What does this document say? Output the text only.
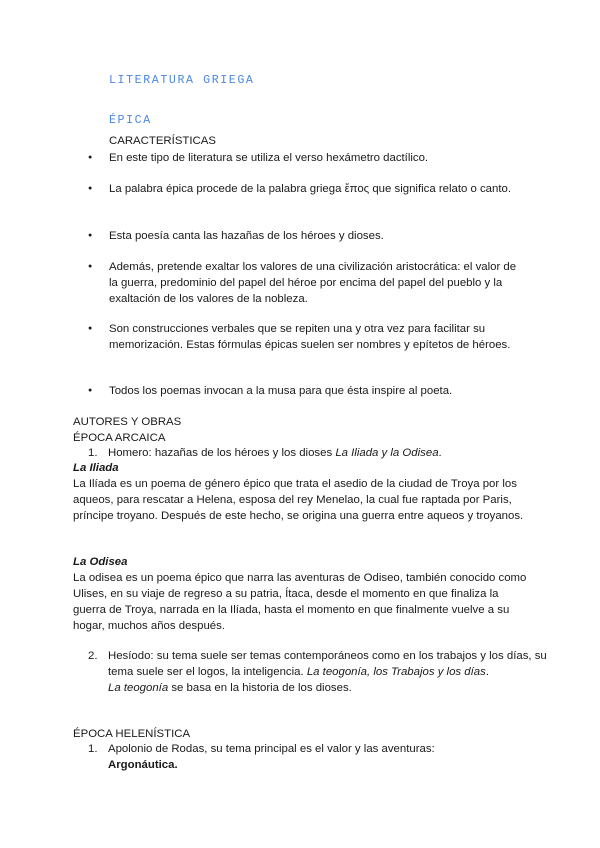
LITERATURA GRIEGA
ÉPICA
CARACTERÍSTICAS
● En este tipo de literatura se utiliza el verso hexámetro dactílico.
● La palabra épica procede de la palabra griega ἔπος que significa relato o canto.
● Esta poesía canta las hazañas de los héroes y dioses.
● Además, pretende exaltar los valores de una civilización aristocrática: el valor de la guerra, predominio del papel del héroe por encima del papel del pueblo y la exaltación de los valores de la nobleza.
● Son construcciones verbales que se repiten una y otra vez para facilitar su memorización. Estas fórmulas épicas suelen ser nombres y epítetos de héroes.
● Todos los poemas invocan a la musa para que ésta inspire al poeta.
AUTORES Y OBRAS
ÉPOCA ARCAICA
1. Homero: hazañas de los héroes y los dioses La Iliada y la Odisea.
La Iliada
La Ilíada es un poema de género épico que trata el asedio de la ciudad de Troya por los aqueos, para rescatar a Helena, esposa del rey Menelao, la cual fue raptada por Paris, príncipe troyano. Después de este hecho, se origina una guerra entre aqueos y troyanos.
La Odisea
La odisea es un poema épico que narra las aventuras de Odiseo, también conocido como Ulises, en su viaje de regreso a su patria, Ítaca, desde el momento en que finaliza la guerra de Troya, narrada en la Ilíada, hasta el momento en que finalmente vuelve a su hogar, muchos años después.
2. Hesíodo: su tema suele ser temas contemporáneos como en los trabajos y los días, su tema suele ser el logos, la inteligencia. La teogonía, los Trabajos y los días.
La teogonía se basa en la historia de los dioses.
ÉPOCA HELENÍSTICA
1. Apolonio de Rodas, su tema principal es el valor y las aventuras:
Argonáutica.
